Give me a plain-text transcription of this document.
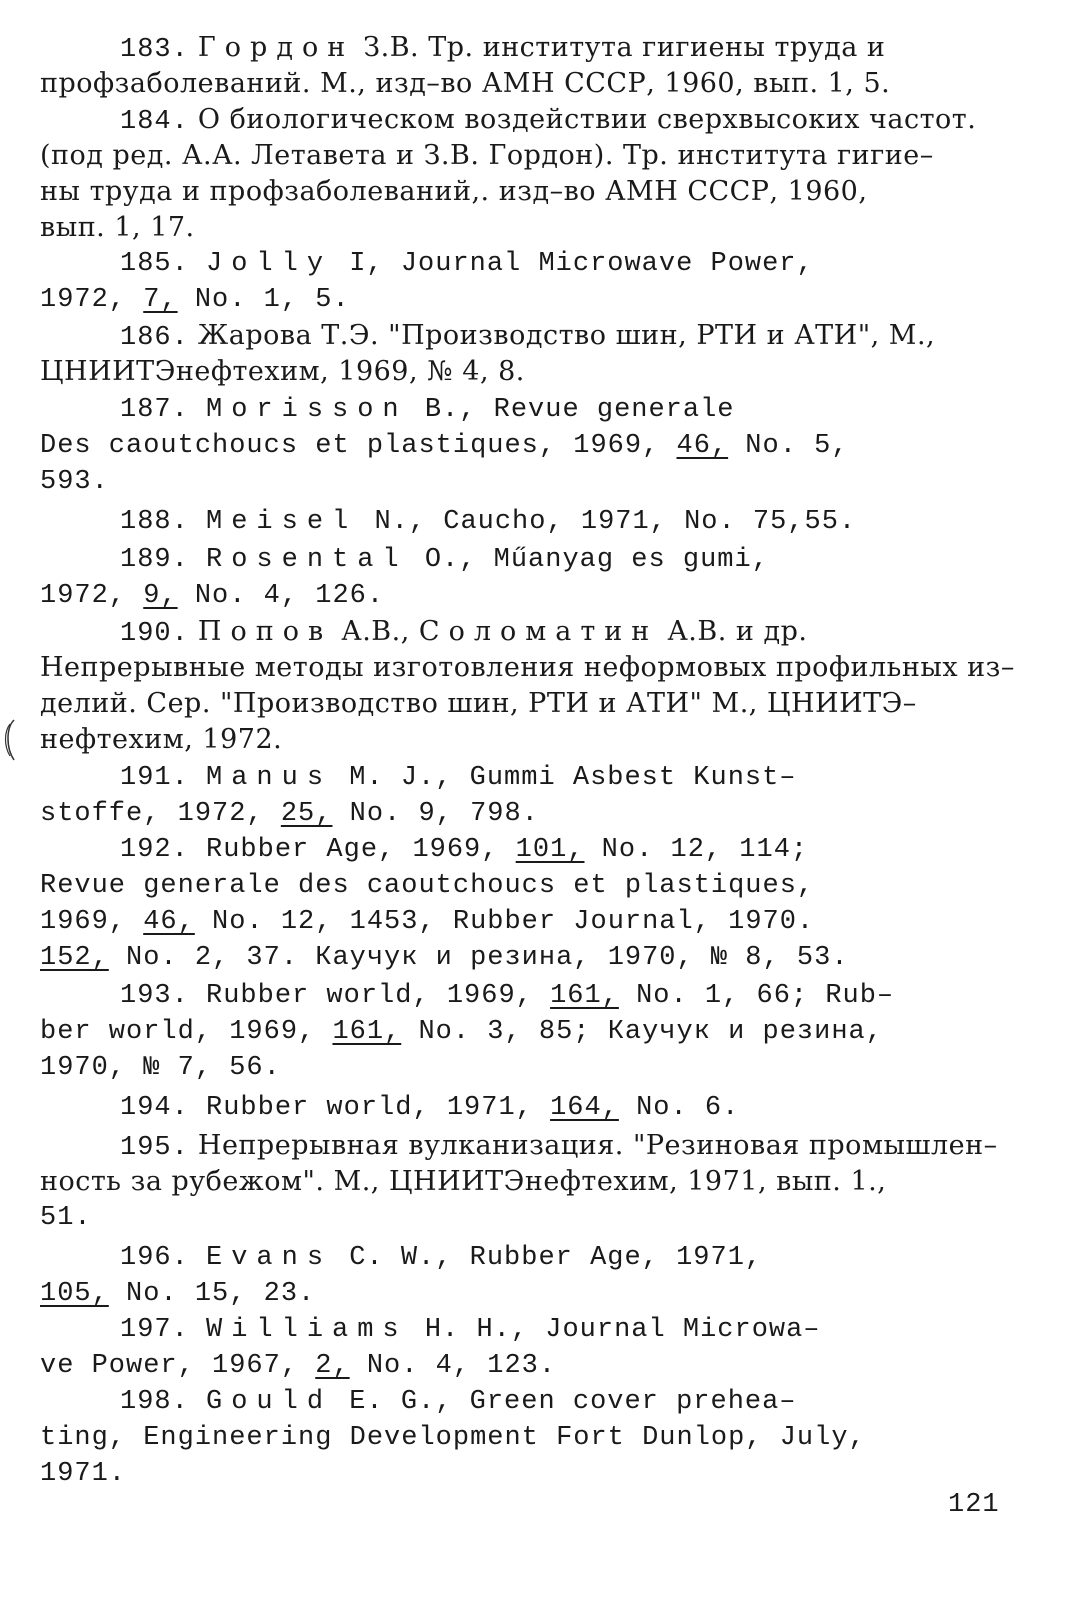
183. Гордон З.В. Тр. института гигиены труда и
профзаболеваний. М., изд–во АМН СССР, 1960, вып. 1, 5.
184. О биологическом воздействии сверхвысоких частот.
(под ред. А.А. Летавета и З.В. Гордон). Тр. института гигие–
ны труда и профзаболеваний,. изд–во АМН СССР, 1960,
вып. 1, 17.
185. Jolly I, Journal Microwave Power,
1972, 7, No. 1, 5.
186. Жарова Т.Э. "Производство шин, РТИ и АТИ", М.,
ЦНИИТЭнефтехим, 1969, № 4, 8.
187. Morisson B., Revue generale
Des caoutchoucs et plastiques, 1969, 46, No. 5,
593.
188. Meisel N., Caucho, 1971, No. 75,55.
189. Rosental O., Műanyag es gumi,
1972, 9, No. 4, 126.
190. Попов А.В., Соломатин А.В. и др.
Непрерывные методы изготовления неформовых профильных из–
делий. Сер. "Производство шин, РТИ и АТИ" М., ЦНИИТЭ–
нефтехим, 1972.
191. Manus M. J., Gummi Asbest Kunst–
stoffe, 1972, 25, No. 9, 798.
192. Rubber Age, 1969, 101, No. 12, 114;
Revue generale des caoutchoucs et plastiques,
1969, 46, No. 12, 1453, Rubber Journal, 1970.
152, No. 2, 37. Каучук и резина, 1970, № 8, 53.
193. Rubber world, 1969, 161, No. 1, 66; Rub–
ber world, 1969, 161, No. 3, 85; Каучук и резина,
1970, № 7, 56.
194. Rubber world, 1971, 164, No. 6.
195. Непрерывная вулканизация. "Резиновая промышлен–
ность за рубежом". М., ЦНИИТЭнефтехим, 1971, вып. 1.,
51.
196. Evans C. W., Rubber Age, 1971,
105, No. 15, 23.
197. Williams H. H., Journal Microwa–
ve Power, 1967, 2, No. 4, 123.
198. Gould E. G., Green cover preheа–
ting, Engineering Development Fort Dunlop, July,
1971.
121
